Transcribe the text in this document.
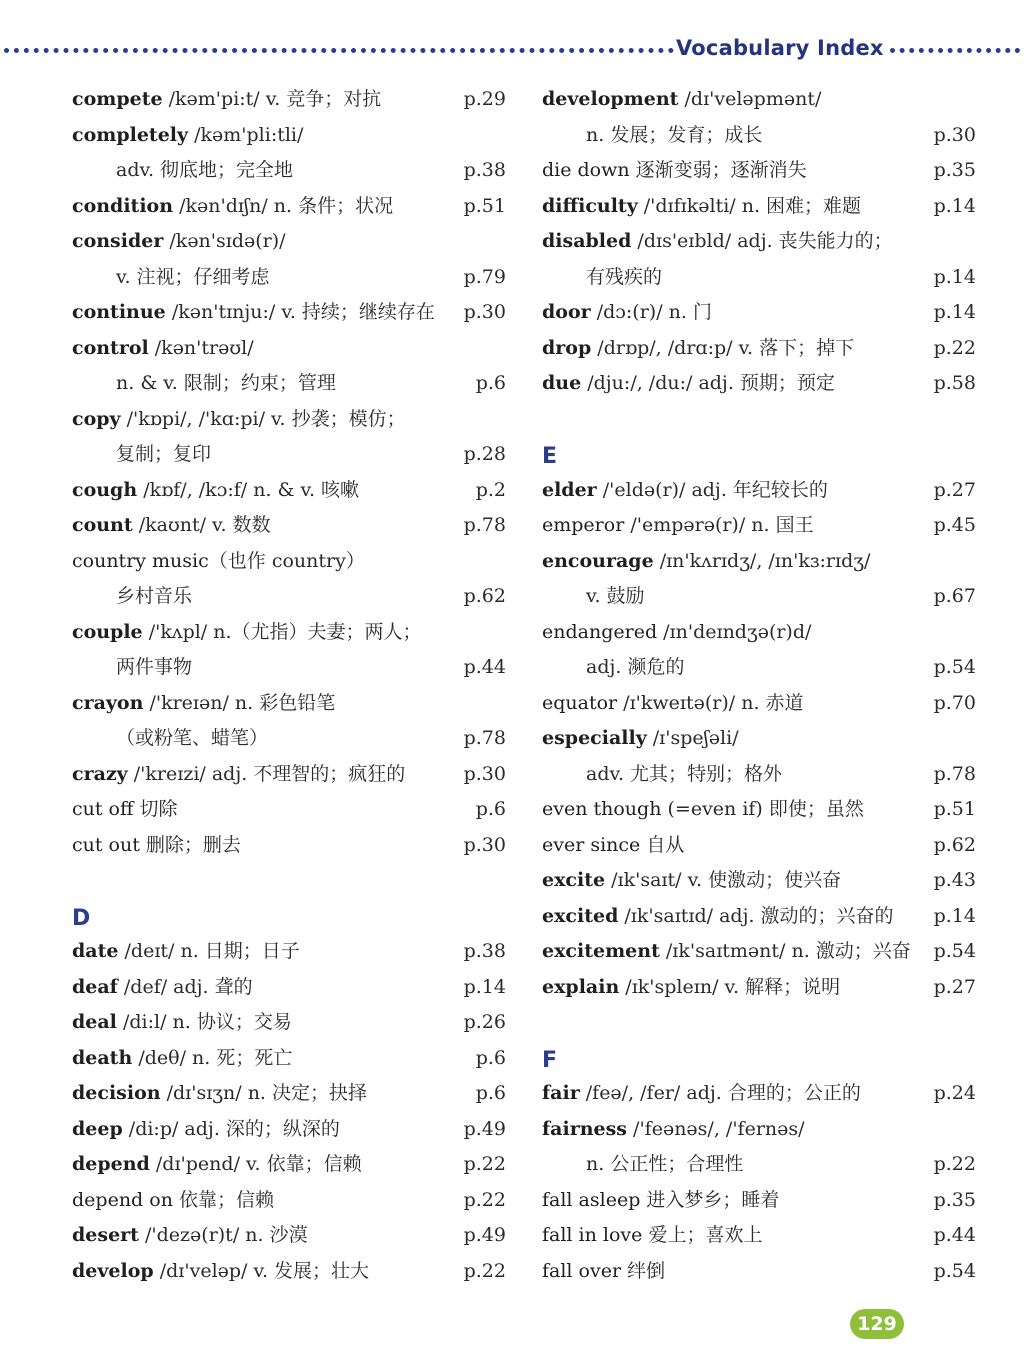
Vocabulary Index
compete /kəm'pi:t/ v. 竞争；对抗	p.29
completely /kəm'pli:tli/
adv. 彻底地；完全地	p.38
condition /kən'dɪʃn/ n. 条件；状况	p.51
consider /kən'sɪdə(r)/
v. 注视；仔细考虑	p.79
continue /kən'tɪnju:/ v. 持续；继续存在 p.30
control /kən'trəʊl/
n. & v. 限制；约束；管理	p.6
copy /'kɒpi/, /'kɑ:pi/ v. 抄袭；模仿；
复制；复印	p.28
cough /kɒf/, /kɔ:f/ n. & v. 咳嗽	p.2
count /kaʊnt/ v. 数数	p.78
country music（也作 country）
乡村音乐	p.62
couple /'kʌpl/ n.（尤指）夫妻；两人；
两件事物	p.44
crayon /'kreɪən/ n. 彩色铅笔
（或粉笔、蜡笔）	p.78
crazy /'kreɪzi/ adj. 不理智的；疯狂的	p.30
cut off 切除	p.6
cut out 删除；删去	p.30
D
date /deɪt/ n. 日期；日子	p.38
deaf /def/ adj. 聋的	p.14
deal /di:l/ n. 协议；交易	p.26
death /deθ/ n. 死；死亡	p.6
decision /dɪ'sɪʒn/ n. 决定；抉择	p.6
deep /di:p/ adj. 深的；纵深的	p.49
depend /dɪ'pend/ v. 依靠；信赖	p.22
depend on 依靠；信赖	p.22
desert /'dezə(r)t/ n. 沙漠	p.49
develop /dɪ'veləp/ v. 发展；壮大	p.22
development /dɪ'veləpmənt/
n. 发展；发育；成长	p.30
die down 逐渐变弱；逐渐消失	p.35
difficulty /'dɪfɪkəlti/ n. 困难；难题	p.14
disabled /dɪs'eɪbld/ adj. 丧失能力的；
有残疾的	p.14
door /dɔ:(r)/ n. 门	p.14
drop /drɒp/, /drɑ:p/ v. 落下；掉下	p.22
due /dju:/, /du:/ adj. 预期；预定	p.58
E
elder /'eldə(r)/ adj. 年纪较长的	p.27
emperor /'empərə(r)/ n. 国王	p.45
encourage /ɪn'kʌrɪdʒ/, /ɪn'kɜ:rɪdʒ/
v. 鼓励	p.67
endangered /ɪn'deɪndʒə(r)d/
adj. 濒危的	p.54
equator /ɪ'kweɪtə(r)/ n. 赤道	p.70
especially /ɪ'speʃəli/
adv. 尤其；特别；格外	p.78
even though (=even if) 即使；虽然	p.51
ever since 自从	p.62
excite /ɪk'saɪt/ v. 使激动；使兴奋	p.43
excited /ɪk'saɪtɪd/ adj. 激动的；兴奋的 p.14
excitement /ɪk'saɪtmənt/ n. 激动；兴奋 p.54
explain /ɪk'spleɪn/ v. 解释；说明	p.27
F
fair /feə/, /fer/ adj. 合理的；公正的	p.24
fairness /'feənəs/, /'fernəs/
n. 公正性；合理性	p.22
fall asleep 进入梦乡；睡着	p.35
fall in love 爱上；喜欢上	p.44
fall over 绊倒	p.54
129
